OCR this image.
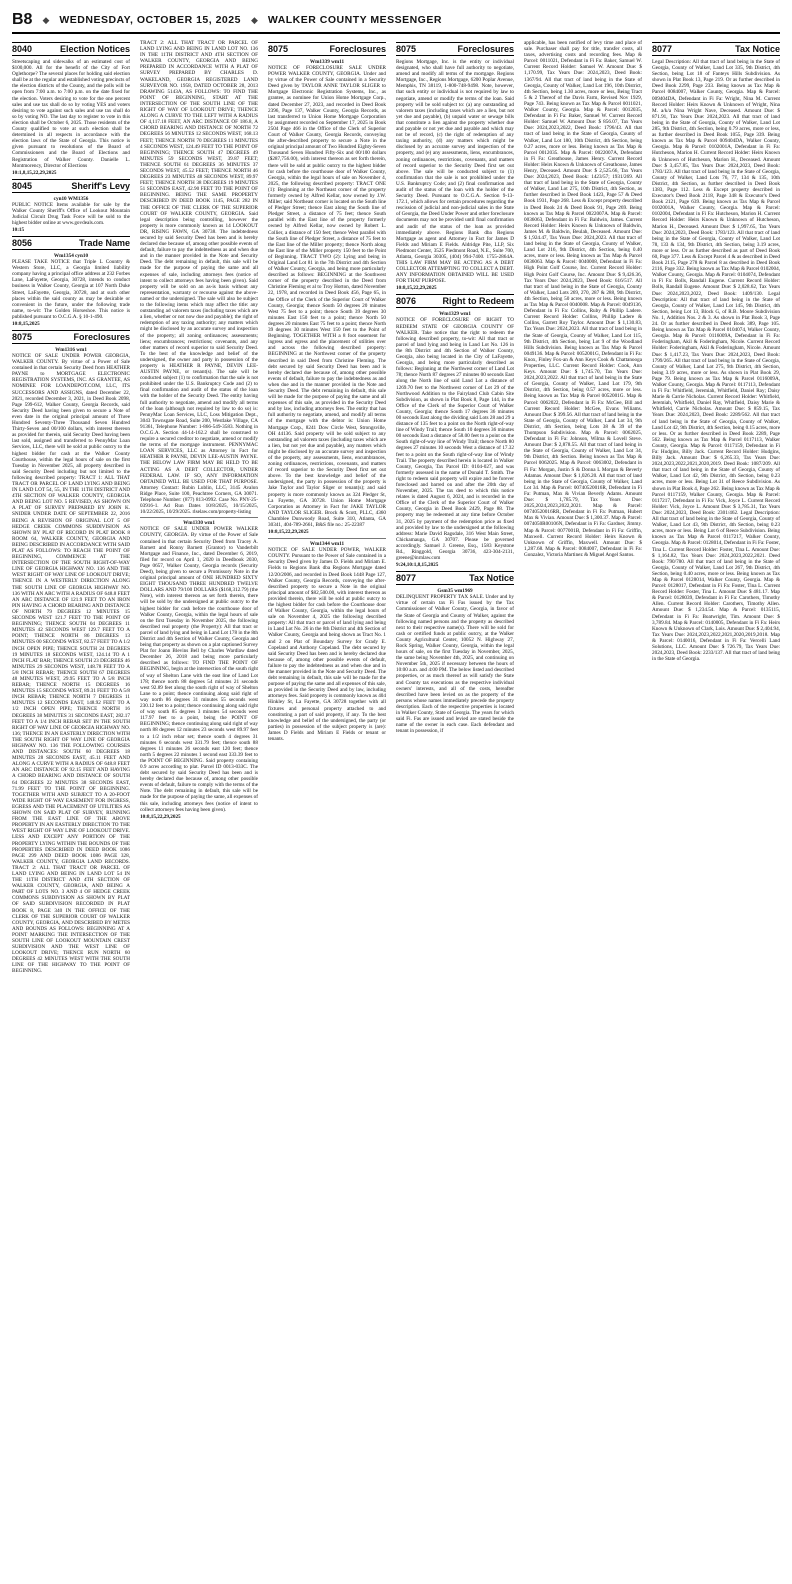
B8 ◆ WEDNESDAY, OCTOBER 15, 2025 ◆ WALKER COUNTY MESSENGER
8040	Election Notices
Streetscaping and sidewalks of an estimated cost of $100,000. All for the benefit of the City of Fort Oglethorpe? The several places for holding said election shall be at the regular and established voting precincts of the election districts of the County, and the polls will be open from 7:00 a.m. to 7:00 p.m. on the date fixed for the election. Voters desiring to vote for the one percent sales and use tax shall do so by voting YES and voters desiring to vote against such sales and use tax shall do so by voting NO. The last day to register to vote in this election shall be October 6, 2025. Those residents of the County qualified to vote at such election shall be determined in all respects in accordance with the election laws of the State of Georgia. This notice is given pursuant to resolutions of the Board of Commissioners and the Board of Elections and Registration of Walker County. Danielle L. Montmorency, Director of Elections
10:1,8,15,22,29,2025
8045	Sheriff's Levy
cyn10 WM1356
PUBLIC NOTICE Items available for sale by the Walker County Sheriff's Office of Lookout Mountain Judicial Circuit Drug Task Force will be sold to the highest bidder online at www.govdeals.com.
10:15
8056	Trade Name
Wm1354 cyn10
PLEASE TAKE NOTICE that Triple L Country & Western Store, LLC, a Georgia limited liability company having a principal office address at 232 Forbes Lane, LaFayette, Georgia, 30728, intends to conduct business in Walker County, Georgia at 107 North Duke Street, LaFayette, Georgia, 30728, and at such other places within the said county as may be desirable or convenient in the future, under the following trade name, to-wit: The Golden Horseshoe. This notice is published pursuant to O.C.G.A. § 10-1-490.
10:8,15,2025
8075	Foreclosures
Wm1316 wm1
NOTICE OF SALE UNDER POWER GEORGIA, WALKER COUNTY. By virtue of a Power of Sale contained in that certain Security Deed from HEATHER PAYNE to MORTGAGE ELECTRONIC REGISTRATION SYSTEMS, INC. AS GRANTEE, AS NOMINEE FOR LOANDEPOT.COM, LLC, ITS SUCCESSORS AND ASSIGNS, dated December 22, 2021, recorded December 3, 2021, in Deed Book 2098, Page 599-612, Walker County, Georgia Records, said Security Deed having been given to secure a Note of even date in the original principal amount of Three Hundred Seventy-Three Thousand Seven Hundred Thirty-Seven and 00/100 dollars, with interest thereon as provided for therein, said Security Deed having been last sold, assigned and transferred to PennyMac Loan Services, LLC, there will be sold at public outcry to the highest bidder for cash at the Walker County Courthouse, within the legal hours of sale on the first Tuesday in November 2025, all property described in said Security Deed including but not limited to the following described property: TRACT 1: ALL THAT TRACT OR PARCEL OF LAND LYING AND BEING IN LAND LOT 54, 55, IN THE 11TH DISTRICT AND 4TH SECTION OF WALKER COUNTY, GEORGIA AND BEING LOT NO. 5 REVISED, AS SHOWN ON A PLAT OF SURVEY PREPARED BY JOHN K. SNIDER UNDER DATE OF SEPTEMBER 22, 2016 BEING A REVISION OF ORIGINAL LOT 5 OF HEDGE CREEK COMMONS SUBDIVISION AS SHOWN BY PLAT OF RECORD IN PLAT BOOK 8 ROOM 64, WALKER COUNTY, GEORGIA AND BEING DESCRIBED IN ACCORDANCE WITH SAID PLAT AS FOLLOWS: TO REACH THE POINT OF BEGINNING, COMMENCE AT THE INTERSECTION OF THE SOUTH RIGHT-OF-WAY LINE OF GEORGIA HIGHWAY NO. 136 AND THE WEST RIGHT OF WAY LINE OF LOOKOUT DRIVE; THENCE IN A WESTERLY DIRECTION ALONG THE SOUTH LINE OF GEORGIA HIGHWAY NO. 136 WITH AN ARC WITH A RADIUS OF 648.8 FEET AN ARC DISTANCE OF 121.9 FEET TO AN IRON PIN HAVING A CHORD BEARING AND DISTANCE OF NORTH 79 DEGREES 12 MINUTES 15 SECONDS WEST 121.7 FEET TO THE POINT OF BEGINNING; THENCE SOUTH 04 DEGREES 11 MINUTES 42 SECONDS WEST 129.7 FEET TO A POINT; THENCE NORTH 86 DEGREES 13 MINUTES 00 SECONDS WEST, 82.57 FEET TO A 1/2 INCH OPEN PIPE; THENCE SOUTH 24 DEGREES 19 MINUTES 18 SECONDS WEST, 124.14 TO A 1 INCH FLAT BAR; THENCE SOUTH 23 DEGREES 46 MINUTES 29 SECONDS WEST, 148.78 FEET TO A 5/8 INCH REBAR; THENCE SOUTH 67 DEGREES 48 MINUTES WEST, 29.95 FEET TO A 5/8 INCH REBAR; THENCE NORTH 15 DEGREES 16 MINUTES 15 SECONDS WEST, 89.31 FEET TO A 5/8 INCH REBAR; THENCE NORTH 7 DEGREES 11 MINUTES 12 SECONDS EAST, 148.92 FEET TO A 1/2 INCH OPEN PIPE; THENCE NORTH 16 DEGREES 38 MINUTES 31 SECONDS EAST, 282.17 FEET TO A 1/4 INCH REBAR SET IN THE SOUTH RIGHT OF WAY LINE OF GEORGIA HIGHWAY NO. 136; THENCE IN AN EASTERLY DIRECTION WITH THE SOUTH RIGHT OF WAY LINE OF GEORGIA HIGHWAY NO. 136 THE FOLLOWING COURSES AND DISTANCES: SOUTH 60 DEGREES 18 MINUTES 28 SECONDS EAST, 45.11 FEET AND ALONG A CURVE WITH A RADIUS OF 648.8 FEET AN ARC DISTANCE OF 92.15 FEET AND HAVING A CHORD BEARING AND DISTANCE OF SOUTH 64 DEGREES 22 MINUTES 38 SECONDS EAST, 71.99 FEET TO THE POINT OF BEGINNING. TOGETHER WITH AND SUBJECT TO A 20-FOOT WIDE RIGHT OF WAY EASEMENT FOR INGRESS, EGRESS AND THE PLACEMENT OF UTILITIES AS SHOWN ON SAID PLAT OF SURVEY, RUNNING FROM THE EAST LINE OF THE ABOVE PROPERTY IN AN EASTERLY DIRECTION TO THE WEST RIGHT OF WAY LINE OF LOOKOUT DRIVE. LESS AND EXCEPT ANY PORTION OF THE PROPERTY LYING WITHIN THE BOUNDS OF THE PROPERTIES DESCRIBED IN DEED BOOK 1086 PAGE 299 AND DEED BOOK 1086 PAGE 328, WALKER COUNTY, GEORGIA LAND RECORDS. TRACT 2: ALL THAT TRACT OR PARCEL OF LAND LYING AND BEING IN LAND LOT 54 IN THE 11TH DISTRICT AND 4TH SECTION OF WALKER COUNTY, GEORGIA, AND BEING A PART OF LOTS NO. 3 AND 4 OF HEDGE CREEK COMMONS SUBDIVISION AS SHOWN BY PLAT OF SAID SUBDIVISION RECORDED IN PLAT BOOK 8, PAGE 340 IN THE OFFICE OF THE CLERK OF THE SUPERIOR COURT OF WALKER COUNTY, GEORGIA, AND DESCRIBED BY METES AND BOUNDS AS FOLLOWS: BEGINNING AT A POINT MARKING THE INTERSECTION OF THE SOUTH LINE OF LOOKOUT MOUNTAIN CREST SUBDIVISION AND THE WEST LINE OF LOOKOUT DRIVE; THENCE RUN NORTH 60 DEGREES 42 MINUTES WEST WITH THE SOUTH LINE OF THE HIGHWAY TO THE POINT OF BEGINNING.
TRACT 2: ALL THAT TRACT OR PARCEL OF LAND LYING AND BEING IN LAND LOT NO. 136 IN THE 11TH DISTRICT AND 4TH SECTION OF WALKER COUNTY, GEORGIA AND BEING PREPARED IN ACCORDANCE WITH A PLAT OF SURVEY PREPARED BY CHARLES D. WAKELAND, GEORGIA REGISTERED LAND SURVEYOR NO. 1958, DATED OCTOBER 28, 2013 DRAWING 5143A, AS FOLLOWS: TO FIND THE POINT OF BEGINNING, START AT THE INTERSECTION OF THE SOUTH LINE OF THE RIGHT OF WAY OF LOOKOUT DRIVE; THENCE ALONG A CURVE TO THE LEFT WITH A RADIUS OF 4,117.18 FEET, AN ARC DISTANCE OF 186.8, A CHORD BEARING AND DISTANCE OF NORTH 72 DEGREES 56 MINUTES 12 SECONDS WEST, 168.13 FEET; THENCE NORTH 70 DEGREES 11 MINUTES 4 SECONDS WEST, 124.49 FEET TO THE POINT OF BEGINNING; THENCE SOUTH 47 DEGREES 49 MINUTES 59 SECONDS WEST, 39.87 FEET; THENCE SOUTH 61 DEGREES 36 MINUTES 37 SECONDS WEST, 45.52 FEET; THENCE NORTH 46 DEGREES 23 MINUTES 48 SECONDS WEST, 89.97 FEET; THENCE NORTH 38 DEGREES 19 MINUTES 51 SECONDS EAST, 42.90 FEET TO THE POINT OF BEGINNING. BEING THE SAME PROPERTY DESCRIBED IN DEED BOOK 1145, PAGE 282 IN THE OFFICE OF THE CLERK OF THE SUPERIOR COURT OF WALKER COUNTY, GEORGIA. Said legal description being controlling, however the property is more commonly known as 14 LOOKOUT DR, RISING FAWN, GA 30738. The indebtedness secured by said Security Deed has been and is hereby declared due because of, among other possible events of default, failure to pay the indebtedness as and when due and in the manner provided in the Note and Security Deed. The debt remaining in default, this sale will be made for the purpose of paying the same and all expenses of sale, including attorneys fees (notice of intent to collect attorneys fees having been given). Said property will be sold on an as-is basis without any representation, warranty or recourse against the above-named or the undersigned. The sale will also be subject to the following items which may affect the title: any outstanding ad valorem taxes (including taxes which are a lien, whether or not now due and payable); the right of redemption of any taxing authority; any matters which might be disclosed by an accurate survey and inspection of the property; all zoning ordinances; assessments; liens; encumbrances; restrictions; covenants, and any other matters of record superior to said Security Deed. To the best of the knowledge and belief of the undersigned, the owner and party in possession of the property is HEATHER R PAYNE, DEVIN LEE-AUSTIN PAYNE, or tenant(s). The sale will be conducted subject (1) to confirmation that the sale is not prohibited under the U.S. Bankruptcy Code and (2) to final confirmation and audit of the status of the loan with the holder of the Security Deed. The entity having full authority to negotiate, amend and modify all terms of the loan (although not required by law to do so) is: PennyMac Loan Services, LLC, Loss Mitigation Dept., 3043 Townsgate Road, Suite 200, Westlake Village, CA 91361, Telephone Number: 1-866-549-3583. Nothing in O.C.G.A. Section 44-14-162.2 shall be construed to require a secured creditor to negotiate, amend or modify the terms of the mortgage instrument. PENNYMAC LOAN SERVICES, LLC as Attorney in Fact for HEATHER R PAYNE, DEVIN LEE-AUSTIN PAYNE. THE BELOW LAW FIRM MAY BE HELD TO BE ACTING AS A DEBT COLLECTOR, UNDER FEDERAL LAW. IF SO, ANY INFORMATION OBTAINED WILL BE USED FOR THAT PURPOSE. Attorney Contact: Rubin Lublin, LLC, 3145 Avalon Ridge Place, Suite 100, Peachtree Corners, GA 30071. Telephone Number: (877) 813-0992. Case No. PNY-25-03916-1. Ad Run Dates 10/8/2025, 10/15/2025, 10/22/2025, 10/29/2025. rlselaw.com/property-listing
Wm1330 wm1
NOTICE OF SALE UNDER POWER WALKER COUNTY, GEORGIA. By virtue of the Power of Sale contained in that certain Security Deed from Tracey A. Barnett and Ronny Barnett (Grantor) to Vanderbilt Mortgage and Finance, Inc., dated December 6, 2019, filed for record on April 1, 2020 in Deedbook 2030, Page 0657, Walker County, Georgia records (Security Deed), being given to secure a Promissory Note in the original principal amount of ONE HUNDRED SIXTY EIGHT THOUSAND THREE HUNDRED TWELVE DOLLARS AND 79/100 DOLLARS ($168,312.79) (the Note), with interest thereon as set forth therein, there will be sold by the undersigned at public outcry to the highest bidder for cash before the courthouse door of Walker County, Georgia, within the legal hours of sale on the first Tuesday in November 2025, the following described real property (the Property): All that tract or parcel of land lying and being in Land Lot 178 in the 8th District and 4th Section of Walker County, Georgia and being that property as shown on a plat captioned Survey Plat for Joann Blevins Bell by Charles Wardlaw dated December 26, 2018 and being more particularly described as follows: TO FIND THE POINT OF BEGINNING, begin at the intersection of the south right of way of Shelton Lane with the east line of Land Lot 178; thence north 88 degrees 54 minutes 21 seconds west 92.89 feet along the south right of way of Shelton Lane to a point; thence continuing along said right of way north 86 degrees 31 minutes 55 seconds west 230.12 feet to a point; thence continuing along said right of way south 85 degrees 3 minutes 54 seconds west 117.97 feet to a point, being the POINT OF BEGINNING; thence continuing along said right of way north 88 degrees 12 minutes 23 seconds west 89.97 feet to a 1/2 inch rebar set; thence south 4 degrees 31 minutes 6 seconds west 331.79 feet; thence south 88 degrees 11 minutes 26 seconds east 120 feet; thence north 5 degrees 22 minutes 1 second east 333.39 feet to the POINT OF BEGINNING. Said property containing 0.9 acres according to plat. Parcel ID 0013-033C. The debt secured by said Security Deed has been and is hereby declared due because of, among other possible events of default, failure to comply with the terms of the Note. The debt remaining in default, this sale will be made for the purpose of paying the same, all expenses of this sale, including attorneys fees (notice of intent to collect attorneys fees having been given).
10:8,15,22,29,2025
8075	Foreclosures
Wm1339 wm11
NOTICE OF FORECLOSURE SALE UNDER POWER WALKER COUNTY, GEORGIA. Under and by virtue of the Power of Sale contained in a Security Deed given by TAYLOR ANNE TAYLOR SLIGER to Mortgage Electronic Registration Systems, Inc., as grantee, as nominee for Union Home Mortgage Corp., dated December 27, 2023, and recorded in Deed Book 2396, Page 137, Walker County, Georgia Records, as last transferred to Union Home Mortgage Corporation by assignment recorded on September 17, 2025 in Book 2504 Page 466 in the Office of the Clerk of Superior Court of Walker County, Georgia Records, conveying the after-described property to secure a Note in the original principal amount of Two Hundred Eighty-Seven Thousand Seven Hundred Fifty-Six and 00/100 dollars ($287,756.00), with interest thereon as set forth therein, there will be sold at public outcry to the highest bidder for cash before the courthouse door of Walker County, Georgia, within the legal hours of sale on November 4, 2025, the following described property: TRACT ONE (1): Beginning at the Northeast corner of the property formerly owned by Alfred Kellar, now owned by J.W. Miller; said Northeast corner is located on the South line of Pledger Street; thence East along the South line of Pledger Street, a distance of 75 feet; thence South parallel with the East line of the property formerly owned by Alfred Kellar, now owned by Robert L. Collier, a distance of 150 feet; thence West parallel with the South line of Pledger Street, a distance of 75 feet to the East line of the Miller property; thence North along the East line of the Miller property 150 feet to the Point of Beginning. TRACT TWO (2): Lying and being in Original Land Lot 81 in the 7th District and 4th Section of Walker County, Georgia, and being more particularly described as follows: BEGINNING at the Southwest corner of the property described in the Deed from Christine Fleming et al to Troy Horton, dated November 22, 1978, and recorded in Deed Book 456, Page 65, in the Office of the Clerk of the Superior Court of Walker County, Georgia; thence South 50 degrees 20 minutes West 75 feet to a point; thence South 39 degrees 30 minutes East 150 feet to a point; thence North 50 degrees 20 minutes East 75 feet to a point; thence North 39 degrees 30 minutes West 150 feet to the Point of Beginning. TOGETHER WITH a 8 foot easement for ingress and egress and the placement of utilities over and across the following described property: BEGINNING at the Northwest corner of the property described in said Deed from Christine Fleming. The debt secured by said Security Deed has been and is hereby declared due because of, among other possible events of default, failure to pay the indebtedness as and when due and in the manner provided in the Note and Security Deed. The debt remaining in default, this sale will be made for the purpose of paying the same and all expenses of this sale, as provided in the Security Deed and by law, including attorneys fees. The entity that has full authority to negotiate, amend, and modify all terms of the mortgage with the debtor is: Union Home Mortgage Corp., 8241 Dow Circle West, Strongsville, OH 44136. Said property will be sold subject to any outstanding ad valorem taxes (including taxes which are a lien, but not yet due and payable), any matters which might be disclosed by an accurate survey and inspection of the property, any assessments, liens, encumbrances, zoning ordinances, restrictions, covenants, and matters of record superior to the Security Deed first set out above. To the best knowledge and belief of the undersigned, the party in possession of the property is Jake Taylor and Taylor Sliger or tenant(s); and said property is more commonly known as 324 Pledger St, La Fayette, GA 30728. Union Home Mortgage Corporation as Attorney in Fact for JAKE TAYLOR AND TAYLOR SLIGER. Brock & Scott, PLLC, 4360 Chamblee Dunwoody Road, Suite 310, Atlanta, GA 30341, 404-789-2661, B&S file no.: 25-22387
10:8,15,22,29,2025
Wm1344 wm11
NOTICE OF SALE UNDER POWER, WALKER COUNTY. Pursuant to the Power of Sale contained in a Security Deed given by James D. Fields and Miriam E. Fields to Regions Bank dba Regions Mortgage dated 12/20/2006, and recorded in Deed Book 1448 Page 127, Walker County, Georgia Records, conveying the after-described property to secure a Note in the original principal amount of $82,500.00, with interest thereon as provided therein, there will be sold at public outcry to the highest bidder for cash before the Courthouse door of Walker County, Georgia, within the legal hours of sale on November 4, 2025 the following described property: All that tract or parcel of land lying and being in Land Lot No. 26 in the 8th District and 4th Section of Walker County, Georgia and being shown as Tract No. 1 and 2 on Plat of Boundary Survey for Grady E. Copeland and Anthony Copeland. The debt secured by said Security Deed has been and is hereby declared due because of, among other possible events of default, failure to pay the indebtedness as and when due and in the manner provided in the Note and Security Deed. The debt remaining in default, this sale will be made for the purpose of paying the same and all expenses of this sale, as provided in the Security Deed and by law, including attorneys fees. Said property is commonly known as 404 Hinkley St, La Fayette, GA 30728 together with all fixtures and personal property attached to and constituting a part of said property, if any. To the best knowledge and belief of the undersigned, the party (or parties) in possession of the subject property is (are): James D Fields and Miriam E Fields or tenant or tenants.
8075	Foreclosures
Regions Mortgage, Inc. is the entity or individual designated, who shall have full authority to negotiate, amend and modify all terms of the mortgage. Regions Mortgage, Inc., Regions Mortgage, 6200 Poplar Avenue, Memphis, TN 38119, 1-800-748-9498. Note, however, that such entity or individual is not required by law to negotiate, amend or modify the terms of the loan. Said property will be sold subject to: (a) any outstanding ad valorem taxes (including taxes which are a lien, but not yet due and payable), (b) unpaid water or sewage bills that constitute a lien against the property whether due and payable or not yet due and payable and which may not be of record, (c) the right of redemption of any taxing authority, (d) any matters which might be disclosed by an accurate survey and inspection of the property, and (e) any assessments, liens, encumbrances, zoning ordinances, restrictions, covenants, and matters of record superior to the Security Deed first set out above. The sale will be conducted subject to (1) confirmation that the sale is not prohibited under the U.S. Bankruptcy Code; and (2) final confirmation and audit of the status of the loan with the holder of the Security Deed. Pursuant to O.C.G.A. Section 9-13-172.1, which allows for certain procedures regarding the rescission of judicial and non-judicial sales in the State of Georgia, the Deed Under Power and other foreclosure documents may not be provided until final confirmation and audit of the status of the loan as provided immediately above. Regions Bank dba Regions Mortgage as agent and Attorney in Fact for James D Fields and Miriam E Fields. Aldridge Pite, LLP, Six Piedmont Center, 3525 Piedmont Road, N.E., Suite 700, Atlanta, Georgia 30305, (404) 994-7400. 1755-2864A. THIS LAW FIRM MAY BE ACTING AS A DEBT COLLECTOR ATTEMPTING TO COLLECT A DEBT. ANY INFORMATION OBTAINED WILL BE USED FOR THAT PURPOSE.
10:8,15,22,29,2025
8076	Right to Redeem
Wm1329 wm1
NOTICE OF FORECLOSURE OF RIGHT TO REDEEM STATE OF GEORGIA COUNTY OF WALKER. Take notice that the right to redeem the following described property, to-wit: All that tract or parcel of land lying and being in Land Lot No. 126 in the 8th District and 4th Section of Walker County, Georgia, also being located in the City of LaFayette, Georgia, and being more particularly described as follows: Beginning at the Northwest corner of Land Lot 78; thence North 87 degrees 27 minutes 00 seconds East along the North line of said Land Lot a distance of 1269.70 feet to the Northwest corner of Lot 29 of the Northwood Addition to the Fairyland Club Cabin Site Subdivision, as shown in Plat Book 8, Page 144, in the Office of the Clerk of the Superior Court of Walker County, Georgia; thence South 17 degrees 36 minutes 00 seconds East along the dividing said Lots 28 and 29 a distance of 135 feet to a point on the North right-of-way line of Windy Trail; thence South 10 degrees 36 minutes 00 seconds East a distance of 58.00 feet to a point on the South right-of-way line of Windy Trail; thence North 80 degrees 27 minutes 10 seconds West a distance of 17.32 feet to a point on the South right-of-way line of Windy Trail. The property described herein is located in Walker County, Georgia, Tax Parcel ID: 0104-027, and was formerly assessed in the name of Donald T. Smith. The right to redeem said property will expire and be forever foreclosed and barred on and after the 20th day of November, 2025. The tax deed to which this notice relates is dated August 6, 2024, and is recorded in the Office of the Clerk of the Superior Court of Walker County, Georgia in Deed Book 2429, Page 88. The property may be redeemed at any time before October 31, 2025 by payment of the redemption price as fixed and provided by law to the undersigned at the following address: Marie David Ragsdale, 316 West Main Street, Chickamauga, GA 30707. Please be governed accordingly. Samuel J. Greene, Esq., 1583 Keystone Rd., Ringgold, Georgia 30736, 423-304-2131, greene@inrnlaw.com
9:24,10:1,8,15,2025
8077	Tax Notice
Gsm35 wm1969
DELINQUENT PROPERTY TAX SALE. Under and by virtue of certain tax Fi Fas issued by the Tax Commissioner of Walker County, Georgia, in favor of the State of Georgia and County of Walker, against the following named persons and the property as described next to their respective name(s). There will be sold for cash or certified funds at public outcry, at the Walker County Agricultural Center, 10052 N. Highway 27, Rock Spring, Walker County, Georgia, within the legal hours of sale, on the first Tuesday in November, 2025, the same being November 4th, 2025, and continuing on November 5th, 2025 if necessary between the hours of 10:00 a.m. and 4:00 PM. The below listed and described properties, or as much thereof as will satisfy the State and County tax executions as the respective individual owners' interests, and all of the costs, hereafter described have been levied on as the property of the persons whose names immediately precede the property description. Each of the respective properties is located in Walker County, State of Georgia. The years for which said Fi. Fas are issued and levied are stated beside the name of the owner in each case. Each defendant and tenant in possession, if
applicable, has been notified of levy time and place of sale. Purchaser shall pay for title, transfer costs, all taxes, advertising costs and recording fees. Map & Parcel: 0011021, Defendant in Fi Fa: Baker, Samuel W. Current Record Holder: Samuel W. Amount Due: $ 1,170.99, Tax Years Due: 2024,2023, Deed Book: 1367/94. All that tract of land being in the State of Georgia, County of Walker, Land Lot 196, 10th District, 4th Section, being 1.30 acres, more or less, Being Tract 5 & 2 Thereof of the Davis Farm, Revised Nov 1929, Page 743. Being known as Tax Map & Parcel 0011021, Walker County, Georgia. Map & Parcel: 0012035, Defendant in Fi Fa: Baker, Samuel W. Current Record Holder: Samuel W. Amount Due: $ 856.07, Tax Years Due: 2024,2023,2022, Deed Book: 1796/43. All that tract of land being in the State of Georgia, County of Walker, Land Lot 180, 10th District, 4th Section, being 0.27 acres, more or less. Being known as Tax Map & Parcel 0012035. Map & Parcel: 0022007A, Defendant in Fi Fa: Greathouse, James Henry. Current Record Holder: Heirs Known & Unknown of Greathouse, James Henry, Deceased. Amount Due: $ 2,525.66, Tax Years Due: 2024,2023, Deed Book: 1423/57; 1931/269. All that tract of land being in the State of Georgia, County of Walker, Land Lot 275, 10th District, 4th Section, as further described in Deed Book 1423, Page 57 & Deed Book 1931, Page 268. Less & Except property described in Deed Book 24 & Deed Book 91, Page 269. Being known as Tax Map & Parcel 0022007A. Map & Parcel: 0036063, Defendant in Fi Fa: Baldwin, James. Current Record Holder: Heirs Known & Unknown of Baldwin, James M. & Baldwin, Beulah, Deceased. Amount Due: $ 1,924.47, Tax Years Due: 2024,2023. All that tract of land being in the State of Georgia, County of Walker, Land Lot 216, 9th District, 4th Section, being 0.40 acres, more or less. Being known as Tax Map & Parcel 0036063. Map & Parcel: 0040008, Defendant in Fi Fa: High Point Golf Course, Inc. Current Record Holder: High Point Golf Course, Inc. Amount Due: $ 9,426.36, Tax Years Due: 2024,2023, Deed Book: 616/517. All that tract of land being in the State of Georgia, County of Walker, Land Lots 269, 270, 287 & 288, 9th District, 4th Section, being 50 acres, more or less. Being known as Tax Map & Parcel 0040008. Map & Parcel: 0049136, Defendant in Fi Fa: Collins, Ruby & Phillip Ladere. Current Record Holder: Collins, Phillip Ladere & Collins, Garrett Roy Taylor. Amount Due: $ 1,130.83, Tax Years Due: 2024,2023. All that tract of land being in the State of Georgia, County of Walker, Land Lot 115, 9th District, 4th Section, being Lot 9 of the Woodland Hills Subdivision. Being known as Tax Map & Parcel 0049136. Map & Parcel: 0052001G, Defendant in Fi Fa: Knox, Finley Fox-an & Ann Keys Cook & Chattanooga Properties, LLC. Current Record Holder: Cook, Ann Keys. Amount Due: $ 1,745.70, Tax Years Due: 2024,2023,2022. All that tract of land being in the State of Georgia, County of Walker, Land Lot 179, 9th District, 4th Section, being 0.57 acres, more or less. Being known as Tax Map & Parcel 0052001G. Map & Parcel: 0062022, Defendant in Fi Fa: McGee, Bill and Current Record Holder: McGee, Evans Wiliams. Amount Due: $ 399.56. All that tract of land being in the State of Georgia, County of Walker, Land Lot 34, 9th District, 4th Section, being Lots 38 & 39 of the Thompson Subdivision. Map & Parcel: 0062025, Defendant in Fi Fa: Johnson, Wilma & Lovell Steve. Amount Due: $ 2,878.55. All that tract of land being in the State of Georgia, County of Walker, Land Lot 34, 9th District, 4th Section. Being known as Tax Map & Parcel 0062025. Map & Parcel: 0063002, Defendant in Fi Fa: Morgan, Justin S & Donna L Morgan & Beverly Adamas. Amount Due: $ 1,026.20. All that tract of land being in the State of Georgia, County of Walker, Land Lot 34. Map & Parcel: 00740520016R, Defendant in Fi Fa: Putman, Max & Vivian Beverly Adams. Amount Due: $ 1,785.79, Tax Years Due: 2025,2024,2023,2022,2021. Map & Parcel: 00740520016RR, Defendant in Fi Fa: Putman, Hubert Max & Vivian. Amount Due: $ 1,300.37. Map & Parcel: 0074050R00106N, Defendant in Fi Fa: Gardner, Jimmy. Map & Parcel: 0077001B, Defendant in Fi Fa: Griffin, Maxwell. Current Record Holder: Heirs Known & Unknown of Griffin, Maxwell. Amount Due: $ 1,287.68. Map & Parcel: 0084007, Defendant in Fi Fa: Gonzalez, Victoria Martinez & Miguel Angel Santos.
8077	Tax Notice
Legal Description: All that tract of land being in the State of Georgia, County of Walker, Land Lot 335, 9th District, 4th Section, being Lot 18 of Fanteys Hills Subdivision. As shown in Plat Book 13, Page 219. Or as further described in Deed Book 2299, Page 233. Being known as Tax Map & Parcel 0084007, Walker County, Georgia. Map & Parcel: 009404DA, Defendant in Fi Fa: Wright, Nina M. Current Record Holder: Heirs Known & Unknown of Wright, Nina M. a/k/a Nina Wright Nave, Deceased. Amount Due: $ 871.91, Tax Years Due: 2024,2023. All that tract of land being in the State of Georgia, County of Walker, Land Lot 285, 9th District, 4th Section, being 0.79 acres, more or less, as further described in Deed Book 1055, Page 339. Being known as Tax Map & Parcel 009404DA, Walker County, Georgia. Map & Parcel: 0102001A, Defendant in Fi Fa: Hutcheson, Marion H. Current Record Holder: Heirs Known & Unknown of Hutcheson, Marion H., Deceased. Amount Due: $ 3,457.85, Tax Years Due: 2024,2023, Deed Book: 1783/123. All that tract of land being in the State of Georgia, County of Walker, Land Lots 76, 77, 134 & 135, 10th District, 4th Section, as further described in Deed Book 1383, Page 112. Less & Except property described in Executor's Deed Book 2118, Page 348 & Executor's Deed Book 2121, Page 639. Being known as Tax Map & Parcel 0102001A, Walker County, Georgia. Map & Parcel: 0102004, Defendant in Fi Fa: Hutcheson, Marion H. Current Record Holder: Heirs Known & Unknown of Hutcheson, Marion H., Deceased. Amount Due: $ 1,997.65, Tax Years Due: 2024,2023, Deed Book: 1783/123. All that tract of land being in the State of Georgia, County of Walker, Land Lot 78, 133 & 134, 9th District, 4th Section, being 3.19 acres, more or less. Or as further described as part of Deed Book 60, Page 377. Less & Except Parcel 4 & as described in Deed Book 2115, Page 278 & Parcel 8 as described in Deed Book 2116, Page 332. Being known as Tax Map & Parcel 0102004, Walker County, Georgia. Map & Parcel: 0104074, Defendant in Fi Fa: Bolls, Randall Eugene. Current Record Holder: Bolls, Randall Eugene. Amount Due: $ 2,028.62, Tax Years Due: 2024,2023,2022, Deed Book: 1409/130. Legal Description: All that tract of land being in the State of Georgia, County of Walker, Land Lot 145, 9th District, 4th Section, being Lot 13, Block G, of R.B. Moore Subdivision No. 1, Addition Nos. 2 & 3. As shown in Plat Book 3, Page 24. Or as further described in Deed Book 389, Page 105. Being known as Tax Map & Parcel 0104074, Walker County, Georgia. Map & Parcel: 0116009A, Defendant in Fi Fa: Foderingham, Akil & Foderingham, Nicole. Current Record Holder: Foderingham, Akil & Foderingham, Nicole. Amount Due: $ 1,417.23, Tax Years Due: 2024,2023, Deed Book: 1799/265. All that tract of land being in the State of Georgia, County of Walker, Land Lot 275, 9th District, 4th Section, being 3.19 acres, more or less. As shown in Plat Book 29, Page 79. Being known as Tax Map & Parcel 0116009A, Walker County, Georgia. Map & Parcel: 0117113, Defendant in Fi Fa: Whitfield, Jeremiah, Whitfield, Daniel Ray; Daisy Marie & Carrie Nicholas. Current Record Holder: Whitfield, Jeremiah, Whitfield, Daniel Ray, Whitfield, Daisy Marie & Whitfield, Carrie Nicholas. Amount Due: $ 859.15, Tax Years Due: 2024,2023, Deed Book: 2289/562. All that tract of land being in the State of Georgia, County of Walker, Land Lot 42, 9th District, 4th Section, being 0.15 acres, more or less. Or as further described in Deed Book 2289, Page 562. Being known as Tax Map & Parcel 0117113, Walker County, Georgia. Map & Parcel: 0117159, Defendant in Fi Fa: Hudgins, Billy Jack. Current Record Holder: Hudgins, Billy Jack. Amount Due: $ 6,265.33, Tax Years Due: 2024,2023,2022,2021,2020,2019. Deed Book: 1087/209. All that tract of land being in the State of Georgia, County of Walker, Land Lot 42, 9th District, 4th Section, being 0.23 acres, more or less. Being Lot 31 of Reece Subdivision. As shown in Plat Book 4, Page 262. Being known as Tax Map & Parcel 0117159, Walker County, Georgia. Map & Parcel: 0117217, Defendant in Fi Fa: Vick, Joyce L. Current Record Holder: Vick, Joyce L. Amount Due: $ 3,785.31, Tax Years Due: 2024,2023, Deed Book: 2301/462. Legal Description: All that tract of land being in the State of Georgia, County of Walker, Land Lot 43, 9th District, 4th Section, being 0.23 acres, more or less. Being Lot 6 of Reece Subdivision. Being known as Tax Map & Parcel 0117217, Walker County, Georgia. Map & Parcel: 0128014, Defendant in Fi Fa: Foster, Tina L. Current Record Holder: Foster, Tina L. Amount Due: $ 1,164.82, Tax Years Due: 2024,2023,2022,2021. Deed Book: 790/780. All that tract of land being in the State of Georgia, County of Walker, Land Lot 267, 9th District, 4th Section, being 0.40 acres, more or less. Being known as Tax Map & Parcel 0128014, Walker County, Georgia. Map & Parcel: 0128017, Defendant in Fi Fa: Foster, Tina L. Current Record Holder: Foster, Tina L. Amount Due: $ 481.17. Map & Parcel: 0128039, Defendant in Fi Fa: Carothers, Timothy Allen. Current Record Holder: Carothers, Timothy Allen. Amount Due: $ 1,234.54. Map & Parcel: 0135115, Defendant in Fi Fa: Boatwright, Tim. Amount Due: $ 3,789.84. Map & Parcel: 0140005, Defendant in Fi Fa: Heirs Known & Unknown of Clark, Lois. Amount Due: $ 2,404.94, Tax Years Due: 2024,2023,2022,2021,2020,2019,2018. Map & Parcel: 0140016, Defendant in Fi Fa: Vercelli Land Solutions, LLC. Amount Due: $ 726.79, Tax Years Due: 2024,2023, Deed Book: 2233/137. All that tract of land being in the State of Georgia.
